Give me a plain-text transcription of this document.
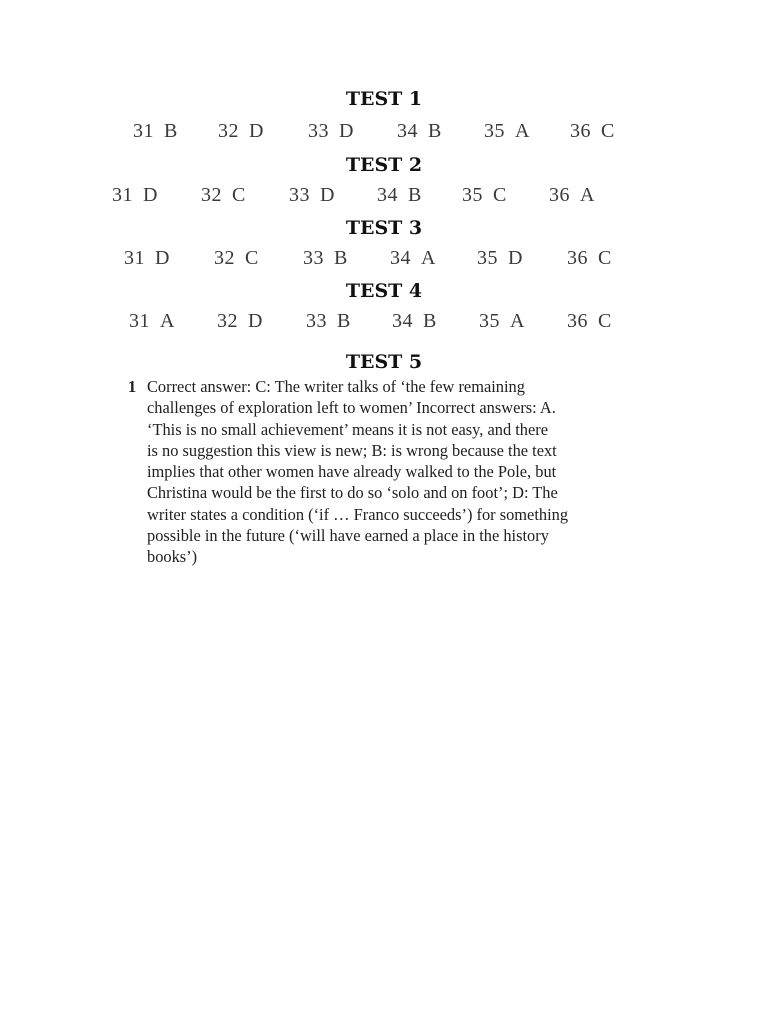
TEST 1
31 B 32 D 33 D 34 B 35 A 36 C
TEST 2
31 D 32 C 33 D 34 B 35 C 36 A
TEST 3
31 D 32 C 33 B 34 A 35 D 36 C
TEST 4
31 A 32 D 33 B 34 B 35 A 36 C
TEST 5
1 Correct answer: C: The writer talks of ‘the few remaining
challenges of exploration left to women’ Incorrect answers: A.
‘This is no small achievement’ means it is not easy, and there
is no suggestion this view is new; B: is wrong because the text
implies that other women have already walked to the Pole, but
Christina would be the first to do so ‘solo and on foot’; D: The
writer states a condition (‘if … Franco succeeds’) for something
possible in the future (‘will have earned a place in the history
books’)
